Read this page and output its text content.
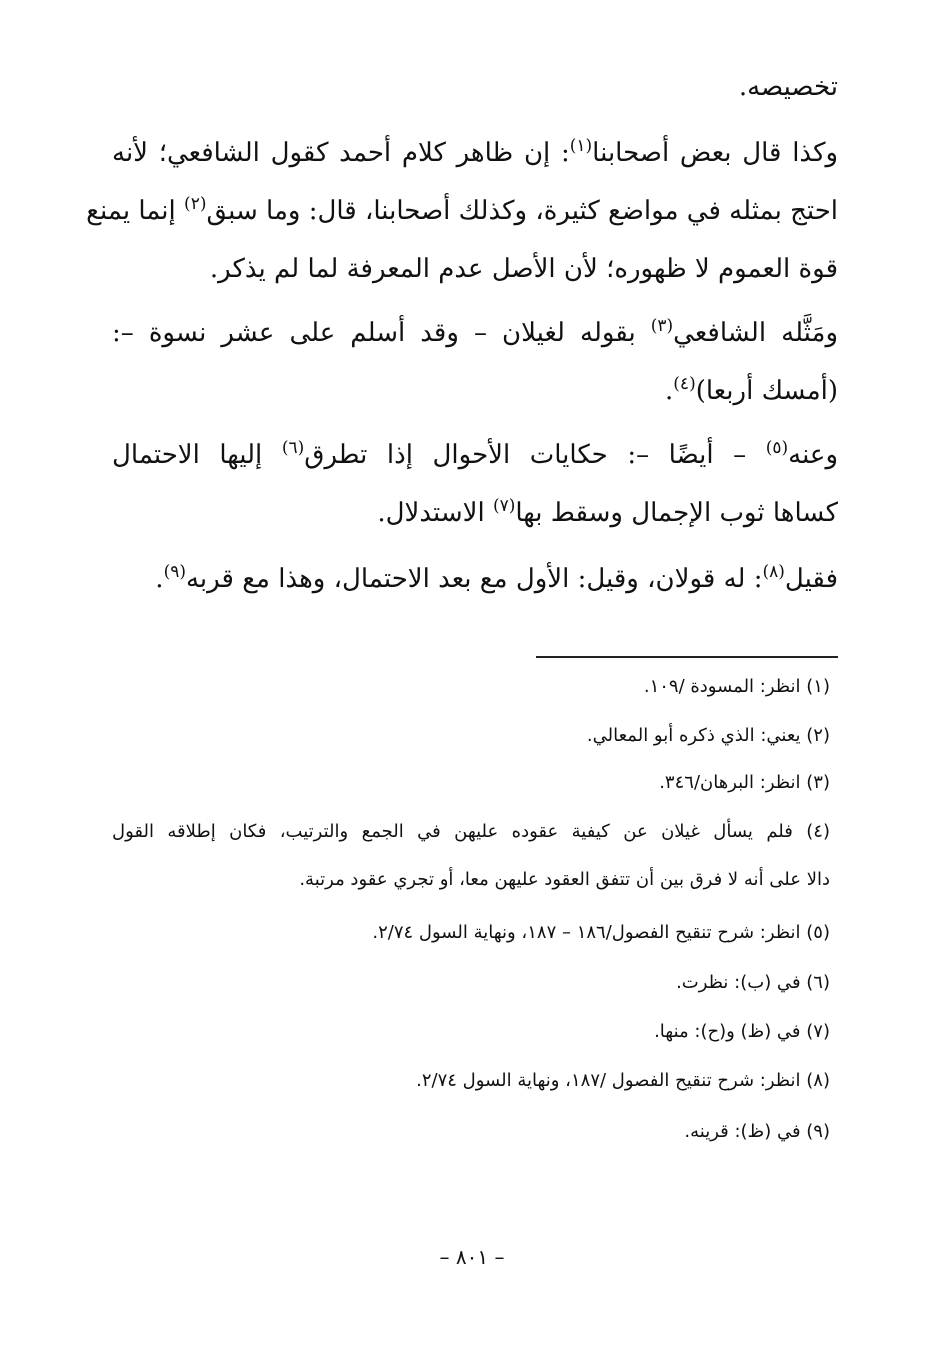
تخصيصه.
وكذا قال بعض أصحابنا$^{(١)}$: إن ظاهر كلام أحمد كقول الشافعي؛ لأنه
احتج بمثله في مواضع كثيرة، وكذلك أصحابنا، قال: وما سبق$^{(٢)}$ إنما يمنع
قوة العموم لا ظهوره؛ لأن الأصل عدم المعرفة لما لم يذكر.
ومَثَّله الشافعي$^{(٣)}$ بقوله لغيلان – وقد أسلم على عشر نسوة –:
(أمسك أربعا)$^{(٤)}$.
وعنه$^{(٥)}$ – أيضًا –: حكايات الأحوال إذا تطرق$^{(٦)}$ إليها الاحتمال
كساها ثوب الإجمال وسقط بها$^{(٧)}$ الاستدلال.
فقيل$^{(٨)}$: له قولان، وقيل: الأول مع بعد الاحتمال، وهذا مع قربه$^{(٩)}$.
(١) انظر: المسودة /١٠٩.
(٢) يعني: الذي ذكره أبو المعالي.
(٣) انظر: البرهان/٣٤٦.
(٤) فلم يسأل غيلان عن كيفية عقوده عليهن في الجمع والترتيب، فكان إطلاقه القول
دالا على أنه لا فرق بين أن تتفق العقود عليهن معا، أو تجري عقود مرتبة.
(٥) انظر: شرح تنقيح الفصول/١٨٦ – ١٨٧، ونهاية السول ٢/٧٤.
(٦) في (ب): نظرت.
(٧) في (ظ) و(ح): منها.
(٨) انظر: شرح تنقيح الفصول /١٨٧، ونهاية السول ٢/٧٤.
(٩) في (ظ): قرينه.
– ٨٠١ –
